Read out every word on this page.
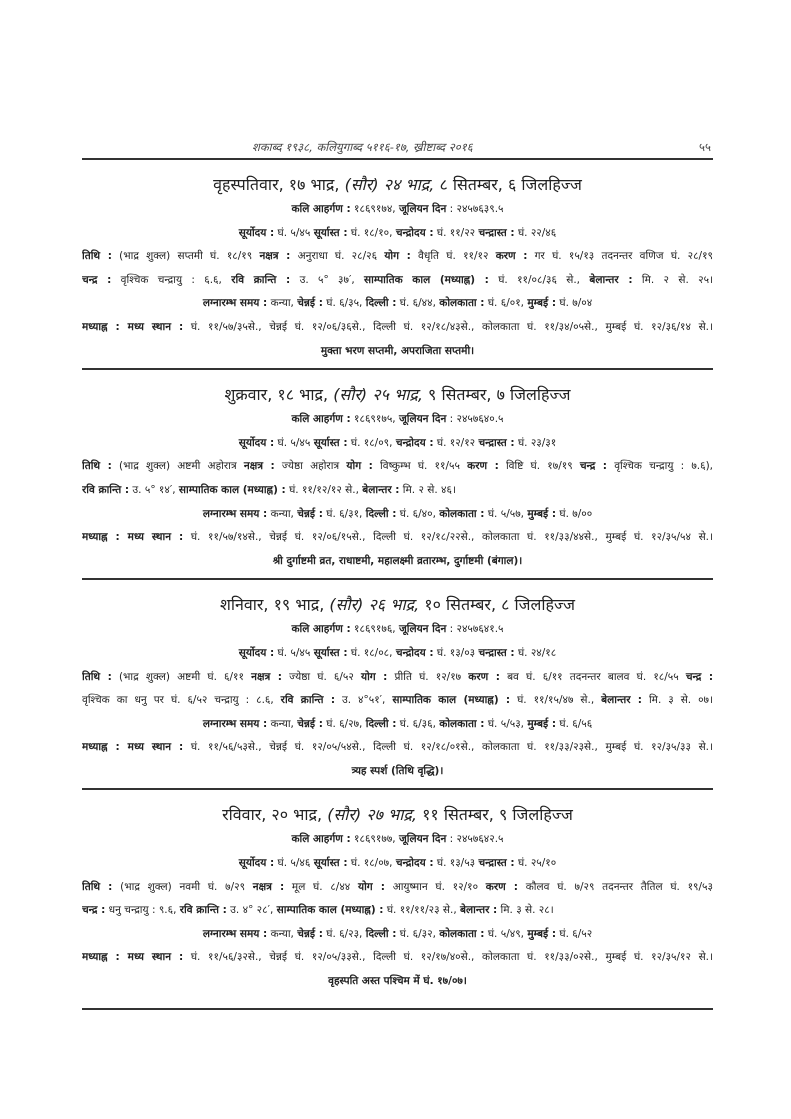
शकाब्द १९३८, कलियुगाब्द ५११६-१७, ख्रीष्टाब्द २०१६	५५
वृहस्पतिवार, १७ भाद्र, (सौर) २४ भाद्र, ८ सितम्बर, ६ जिलहिज्ज
कलि आहर्गण : १८६९१७४, जूलियन दिन : २४५७६३९.५
सूर्योदय : घं. ५/४५ सूर्यास्त : घं. १८/१०, चन्द्रोदय : घं. ११/२२ चन्द्रास्त : घं. २२/४६
तिथि : (भाद्र शुक्ल) सप्तमी घं. १८/१९ नक्षत्र : अनुराधा घं. २८/२६ योग : वैधृति घं. ११/१२ करण : गर घं. १५/१३ तदनन्तर वणिज घं. २८/१९
चन्द्र : वृश्चिक चन्द्रायु : ६.६, रवि क्रान्ति : उ. ५° ३७′, साम्पातिक काल (मध्याह्न) : घं. ११/०८/३६ से., बेलान्तर : मि. २ से. २५।
लग्नारम्भ समय : कन्या, चेन्नई : घं. ६/३५, दिल्ली : घं. ६/४४, कोलकाता : घं. ६/०१, मुम्बई : घं. ७/०४
मध्याह्न : मध्य स्थान : घं. ११/५७/३५से., चेन्नई घं. १२/०६/३६से., दिल्ली घं. १२/१८/४३से., कोलकाता घं. ११/३४/०५से., मुम्बई घं. १२/३६/१४ से.।
मुक्ता भरण सप्तमी, अपराजिता सप्तमी।
शुक्रवार, १८ भाद्र, (सौर) २५ भाद्र, ९ सितम्बर, ७ जिलहिज्ज
कलि आहर्गण : १८६९१७५, जूलियन दिन : २४५७६४०.५
सूर्योदय : घं. ५/४५ सूर्यास्त : घं. १८/०९, चन्द्रोदय : घं. १२/१२ चन्द्रास्त : घं. २३/३१
तिथि : (भाद्र शुक्ल) अष्टमी अहोरात्र नक्षत्र : ज्येष्ठा अहोरात्र योग : विष्कुम्भ घं. ११/५५ करण : विष्टि घं. १७/१९ चन्द्र : वृश्चिक चन्द्रायु : ७.६),
रवि क्रान्ति : उ. ५° १४′, साम्पातिक काल (मध्याह्न) : घं. ११/१२/१२ से., बेलान्तर : मि. २ से. ४६।
लग्नारम्भ समय : कन्या, चेन्नई : घं. ६/३१, दिल्ली : घं. ६/४०, कोलकाता : घं. ५/५७, मुम्बई : घं. ७/००
मध्याह्न : मध्य स्थान : घं. ११/५७/१४से., चेन्नई घं. १२/०६/१५से., दिल्ली घं. १२/१८/२२से., कोलकाता घं. ११/३३/४४से., मुम्बई घं. १२/३५/५४ से.।
श्री दुर्गाष्टमी व्रत, राधाष्टमी, महालक्ष्मी व्रतारम्भ, दुर्गाष्टमी (बंगाल)।
शनिवार, १९ भाद्र, (सौर) २६ भाद्र, १० सितम्बर, ८ जिलहिज्ज
कलि आहर्गण : १८६९१७६, जूलियन दिन : २४५७६४१.५
सूर्योदय : घं. ५/४५ सूर्यास्त : घं. १८/०८, चन्द्रोदय : घं. १३/०३ चन्द्रास्त : घं. २४/१८
तिथि : (भाद्र शुक्ल) अष्टमी घं. ६/११ नक्षत्र : ज्येष्ठा घं. ६/५२ योग : प्रीति घं. १२/१७ करण : बव घं. ६/११ तदनन्तर बालव घं. १८/५५ चन्द्र :
वृश्चिक का धनु पर घं. ६/५२ चन्द्रायु : ८.६, रवि क्रान्ति : उ. ४°५१′, साम्पातिक काल (मध्याह्न) : घं. ११/१५/४७ से., बेलान्तर : मि. ३ से. ०७।
लग्नारम्भ समय : कन्या, चेन्नई : घं. ६/२७, दिल्ली : घं. ६/३६, कोलकाता : घं. ५/५३, मुम्बई : घं. ६/५६
मध्याह्न : मध्य स्थान : घं. ११/५६/५३से., चेन्नई घं. १२/०५/५४से., दिल्ली घं. १२/१८/०१से., कोलकाता घं. ११/३३/२३से., मुम्बई घं. १२/३५/३३ से.।
त्र्यह स्पर्श (तिथि वृद्धि)।
रविवार, २० भाद्र, (सौर) २७ भाद्र, ११ सितम्बर, ९ जिलहिज्ज
कलि आहर्गण : १८६९१७७, जूलियन दिन : २४५७६४२.५
सूर्योदय : घं. ५/४६ सूर्यास्त : घं. १८/०७, चन्द्रोदय : घं. १३/५३ चन्द्रास्त : घं. २५/१०
तिथि : (भाद्र शुक्ल) नवमी घं. ७/२९ नक्षत्र : मूल घं. ८/४४ योग : आयुष्मान घं. १२/१० करण : कौलव घं. ७/२९ तदनन्तर तैतिल घं. १९/५३
चन्द्र : धनु चन्द्रायु : ९.६, रवि क्रान्ति : उ. ४° २८′, साम्पातिक काल (मध्याह्न) : घं. ११/११/२३ से., बेलान्तर : मि. ३ से. २८।
लग्नारम्भ समय : कन्या, चेन्नई : घं. ६/२३, दिल्ली : घं. ६/३२, कोलकाता : घं. ५/४९, मुम्बई : घं. ६/५२
मध्याह्न : मध्य स्थान : घं. ११/५६/३२से., चेन्नई घं. १२/०५/३३से., दिल्ली घं. १२/१७/४०से., कोलकाता घं. ११/३३/०२से., मुम्बई घं. १२/३५/१२ से.।
वृहस्पति अस्त पश्चिम में घं. १७/०७।
